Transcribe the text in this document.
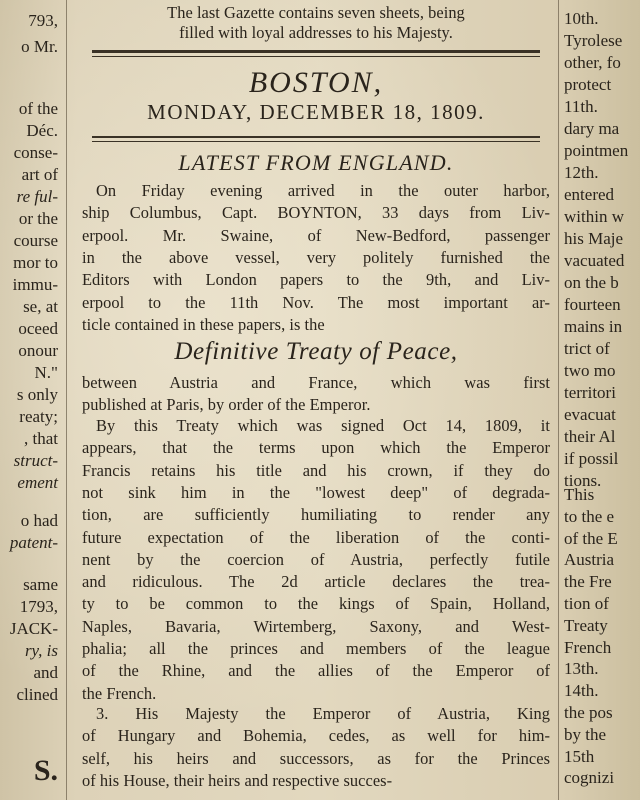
793,
o Mr.
of the
Déc.
conse-
art of
re ful-
or the
course
mor to
immu-
se, at
oceed
onour
N."
s only
reaty;
, that
struct-
ement
o had
patent-
same
1793,
JACK-
ry, is
and
clined
S.
The last Gazette contains seven sheets, being
filled with loyal addresses to his Majesty.
BOSTON,
MONDAY, DECEMBER 18, 1809.
LATEST FROM ENGLAND.
On Friday evening arrived in the outer harbor,
ship Columbus, Capt. BOYNTON, 33 days from Liv-
erpool. Mr. Swaine, of New-Bedford, passenger
in the above vessel, very politely furnished the
Editors with London papers to the 9th, and Liv-
erpool to the 11th Nov. The most important ar-
ticle contained in these papers, is the
Definitive Treaty of Peace,
between Austria and France, which was first
published at Paris, by order of the Emperor.
By this Treaty which was signed Oct 14, 1809, it
appears, that the terms upon which the Emperor
Francis retains his title and his crown, if they do
not sink him in the "lowest deep" of degrada-
tion, are sufficiently humiliating to render any
future expectation of the liberation of the conti-
nent by the coercion of Austria, perfectly futile
and ridiculous. The 2d article declares the trea-
ty to be common to the kings of Spain, Holland,
Naples, Bavaria, Wirtemberg, Saxony, and West-
phalia; all the princes and members of the league
of the Rhine, and the allies of the Emperor of
the French.
3. His Majesty the Emperor of Austria, King
of Hungary and Bohemia, cedes, as well for him-
self, his heirs and successors, as for the Princes
of his House, their heirs and respective succes-
10th.
Tyrolese
other, fo
protect
11th.
dary ma
pointmen
12th.
entered
within w
his Maje
vacuated
on the b
fourteen
mains in
trict of
two mo
territori
evacuat
their Al
if possil
tions.
This
to the e
of the E
Austria
the Fre
tion of
Treaty
French
13th.
14th.
the pos
by the
15th
cognizi
